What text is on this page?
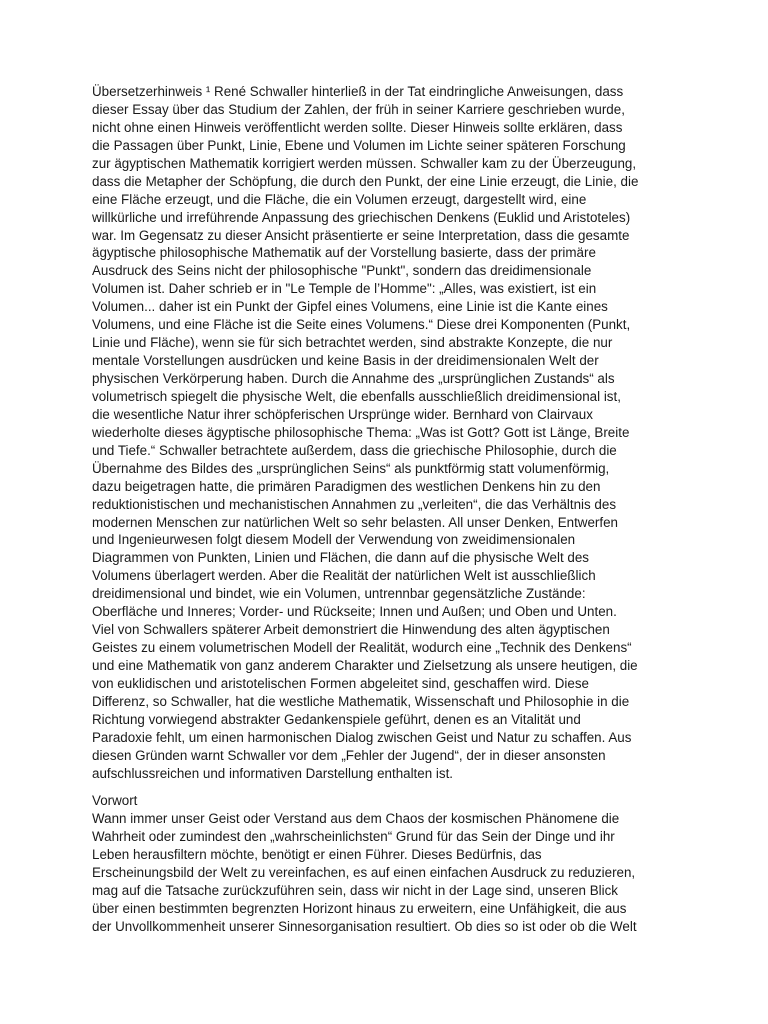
Übersetzerhinweis ¹ René Schwaller hinterließ in der Tat eindringliche Anweisungen, dass
dieser Essay über das Studium der Zahlen, der früh in seiner Karriere geschrieben wurde,
nicht ohne einen Hinweis veröffentlicht werden sollte. Dieser Hinweis sollte erklären, dass
die Passagen über Punkt, Linie, Ebene und Volumen im Lichte seiner späteren Forschung
zur ägyptischen Mathematik korrigiert werden müssen. Schwaller kam zu der Überzeugung,
dass die Metapher der Schöpfung, die durch den Punkt, der eine Linie erzeugt, die Linie, die
eine Fläche erzeugt, und die Fläche, die ein Volumen erzeugt, dargestellt wird, eine
willkürliche und irreführende Anpassung des griechischen Denkens (Euklid und Aristoteles)
war. Im Gegensatz zu dieser Ansicht präsentierte er seine Interpretation, dass die gesamte
ägyptische philosophische Mathematik auf der Vorstellung basierte, dass der primäre
Ausdruck des Seins nicht der philosophische "Punkt", sondern das dreidimensionale
Volumen ist. Daher schrieb er in "Le Temple de l’Homme": „Alles, was existiert, ist ein
Volumen... daher ist ein Punkt der Gipfel eines Volumens, eine Linie ist die Kante eines
Volumens, und eine Fläche ist die Seite eines Volumens.“ Diese drei Komponenten (Punkt,
Linie und Fläche), wenn sie für sich betrachtet werden, sind abstrakte Konzepte, die nur
mentale Vorstellungen ausdrücken und keine Basis in der dreidimensionalen Welt der
physischen Verkörperung haben. Durch die Annahme des „ursprünglichen Zustands“ als
volumetrisch spiegelt die physische Welt, die ebenfalls ausschließlich dreidimensional ist,
die wesentliche Natur ihrer schöpferischen Ursprünge wider. Bernhard von Clairvaux
wiederholte dieses ägyptische philosophische Thema: „Was ist Gott? Gott ist Länge, Breite
und Tiefe.“ Schwaller betrachtete außerdem, dass die griechische Philosophie, durch die
Übernahme des Bildes des „ursprünglichen Seins“ als punktförmig statt volumenförmig,
dazu beigetragen hatte, die primären Paradigmen des westlichen Denkens hin zu den
reduktionistischen und mechanistischen Annahmen zu „verleiten“, die das Verhältnis des
modernen Menschen zur natürlichen Welt so sehr belasten. All unser Denken, Entwerfen
und Ingenieurwesen folgt diesem Modell der Verwendung von zweidimensionalen
Diagrammen von Punkten, Linien und Flächen, die dann auf die physische Welt des
Volumens überlagert werden. Aber die Realität der natürlichen Welt ist ausschließlich
dreidimensional und bindet, wie ein Volumen, untrennbar gegensätzliche Zustände:
Oberfläche und Inneres; Vorder- und Rückseite; Innen und Außen; und Oben und Unten.
Viel von Schwallers späterer Arbeit demonstriert die Hinwendung des alten ägyptischen
Geistes zu einem volumetrischen Modell der Realität, wodurch eine „Technik des Denkens“
und eine Mathematik von ganz anderem Charakter und Zielsetzung als unsere heutigen, die
von euklidischen und aristotelischen Formen abgeleitet sind, geschaffen wird. Diese
Differenz, so Schwaller, hat die westliche Mathematik, Wissenschaft und Philosophie in die
Richtung vorwiegend abstrakter Gedankenspiele geführt, denen es an Vitalität und
Paradoxie fehlt, um einen harmonischen Dialog zwischen Geist und Natur zu schaffen. Aus
diesen Gründen warnt Schwaller vor dem „Fehler der Jugend“, der in dieser ansonsten
aufschlussreichen und informativen Darstellung enthalten ist.
Vorwort
Wann immer unser Geist oder Verstand aus dem Chaos der kosmischen Phänomene die
Wahrheit oder zumindest den „wahrscheinlichsten“ Grund für das Sein der Dinge und ihr
Leben herausfiltern möchte, benötigt er einen Führer. Dieses Bedürfnis, das
Erscheinungsbild der Welt zu vereinfachen, es auf einen einfachen Ausdruck zu reduzieren,
mag auf die Tatsache zurückzuführen sein, dass wir nicht in der Lage sind, unseren Blick
über einen bestimmten begrenzten Horizont hinaus zu erweitern, eine Unfähigkeit, die aus
der Unvollkommenheit unserer Sinnesorganisation resultiert. Ob dies so ist oder ob die Welt
